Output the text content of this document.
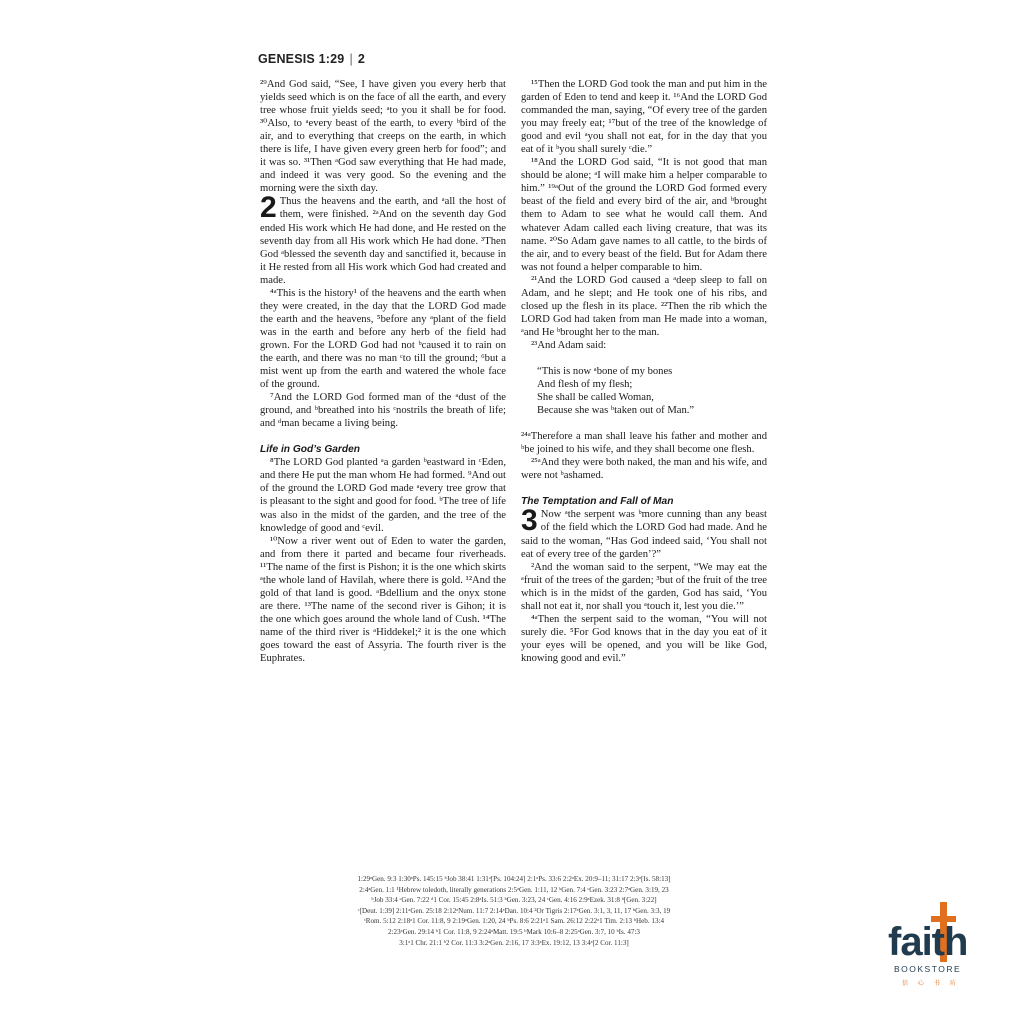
GENESIS 1:29 | 2

²⁹And God said, “See, I have given you every herb that yields seed which is on the face of all the earth, and every tree whose fruit yields seed; ᵃto you it shall be for food. ³⁰Also, to ᵃevery beast of the earth, to every ᵇbird of the air, and to everything that creeps on the earth, in which there is life, I have given every green herb for food”; and it was so. ³¹Then ᵃGod saw everything that He had made, and indeed it was very good. So the evening and the morning were the sixth day.

2 Thus the heavens and the earth, and ᵃall the host of them, were finished. ²ᵃAnd on the seventh day God ended His work which He had done, and He rested on the seventh day from all His work which He had done. ³Then God ᵃblessed the seventh day and sanctified it, because in it He rested from all His work which God had created and made.

⁴ᵃThis is the history¹ of the heavens and the earth when they were created, in the day that the LORD God made the earth and the heavens, ⁵before any ᵃplant of the field was in the earth and before any herb of the field had grown. For the LORD God had not ᵇcaused it to rain on the earth, and there was no man ᶜto till the ground; ⁶but a mist went up from the earth and watered the whole face of the ground.

⁷And the LORD God formed man of the ᵃdust of the ground, and ᵇbreathed into his ᶜnostrils the breath of life; and ᵈman became a living being.

Life in God’s Garden

⁸The LORD God planted ᵃa garden ᵇeastward in ᶜEden, and there He put the man whom He had formed. ⁹And out of the ground the LORD God made ᵃevery tree grow that is pleasant to the sight and good for food. ᵇThe tree of life was also in the midst of the garden, and the tree of the knowledge of good and ᶜevil.

¹⁰Now a river went out of Eden to water the garden, and from there it parted and became four riverheads. ¹¹The name of the first is Pishon; it is the one which skirts ᵃthe whole land of Havilah, where there is gold. ¹²And the gold of that land is good. ᵃBdellium and the onyx stone are there. ¹³The name of the second river is Gihon; it is the one which goes around the whole land of Cush. ¹⁴The name of the third river is ᵃHiddekel;² it is the one which goes toward the east of Assyria. The fourth river is the Euphrates.

¹⁵Then the LORD God took the man and put him in the garden of Eden to tend and keep it. ¹⁶And the LORD God commanded the man, saying, “Of every tree of the garden you may freely eat; ¹⁷but of the tree of the knowledge of good and evil ᵃyou shall not eat, for in the day that you eat of it ᵇyou shall surely ᶜdie.”

¹⁸And the LORD God said, “It is not good that man should be alone; ᵃI will make him a helper comparable to him.” ¹⁹ᵃOut of the ground the LORD God formed every beast of the field and every bird of the air, and ᵇbrought them to Adam to see what he would call them. And whatever Adam called each living creature, that was its name. ²⁰So Adam gave names to all cattle, to the birds of the air, and to every beast of the field. But for Adam there was not found a helper comparable to him.

²¹And the LORD God caused a ᵃdeep sleep to fall on Adam, and he slept; and He took one of his ribs, and closed up the flesh in its place. ²²Then the rib which the LORD God had taken from man He made into a woman, ᵃand He ᵇbrought her to the man.

²³And Adam said:

“This is now ᵃbone of my bones
And flesh of my flesh;
She shall be called Woman,
Because she was ᵇtaken out of Man.”

²⁴ᵃTherefore a man shall leave his father and mother and ᵇbe joined to his wife, and they shall become one flesh.

²⁵ᵃAnd they were both naked, the man and his wife, and were not ᵇashamed.

The Temptation and Fall of Man

3 Now ᵃthe serpent was ᵇmore cunning than any beast of the field which the LORD God had made. And he said to the woman, “Has God indeed said, ‘You shall not eat of every tree of the garden’?”

²And the woman said to the serpent, “We may eat the ᵃfruit of the trees of the garden; ³but of the fruit of the tree which is in the midst of the garden, God has said, ‘You shall not eat it, nor shall you ᵃtouch it, lest you die.’”

⁴ᵃThen the serpent said to the woman, “You will not surely die. ⁵For God knows that in the day you eat of it your eyes will be opened, and you will be like God, knowing good and evil.”

1:29ᵃGen. 9:3 1:30ᵃPs. 145:15 ᵇJob 38:41 1:31ᵃ[Ps. 104:24] 2:1ᵃPs. 33:6 2:2ᵃEx. 20:9–11; 31:17 2:3ᵃ[Is. 58:13]
2:4ᵃGen. 1:1 ¹Hebrew toledoth, literally generations 2:5ᵃGen. 1:11, 12 ᵇGen. 7:4 ᶜGen. 3:23 2:7ᵃGen. 3:19, 23
ᵇJob 33:4 ᶜGen. 7:22 ᵈ1 Cor. 15:45 2:8ᵃIs. 51:3 ᵇGen. 3:23, 24 ᶜGen. 4:16 2:9ᵃEzek. 31:8 ᵇ[Gen. 3:22]
ᶜ[Deut. 1:39] 2:11ᵃGen. 25:18 2:12ᵃNum. 11:7 2:14ᵃDan. 10:4 ²Or Tigris 2:17ᵃGen. 3:1, 3, 11, 17 ᵇGen. 3:3, 19
ᶜRom. 5:12 2:18ᵃ1 Cor. 11:8, 9 2:19ᵃGen. 1:20, 24 ᵇPs. 8:6 2:21ᵃ1 Sam. 26:12 2:22ᵃ1 Tim. 2:13 ᵇHeb. 13:4
2:23ᵃGen. 29:14 ᵇ1 Cor. 11:8, 9 2:24ᵃMatt. 19:5 ᵇMark 10:6–8 2:25ᵃGen. 3:7, 10 ᵇIs. 47:3
3:1ᵃ1 Chr. 21:1 ᵇ2 Cor. 11:3 3:2ᵃGen. 2:16, 17 3:3ᵃEx. 19:12, 13 3:4ᵃ[2 Cor. 11:3]	faith
BOOKSTORE
信 心 书 坊
